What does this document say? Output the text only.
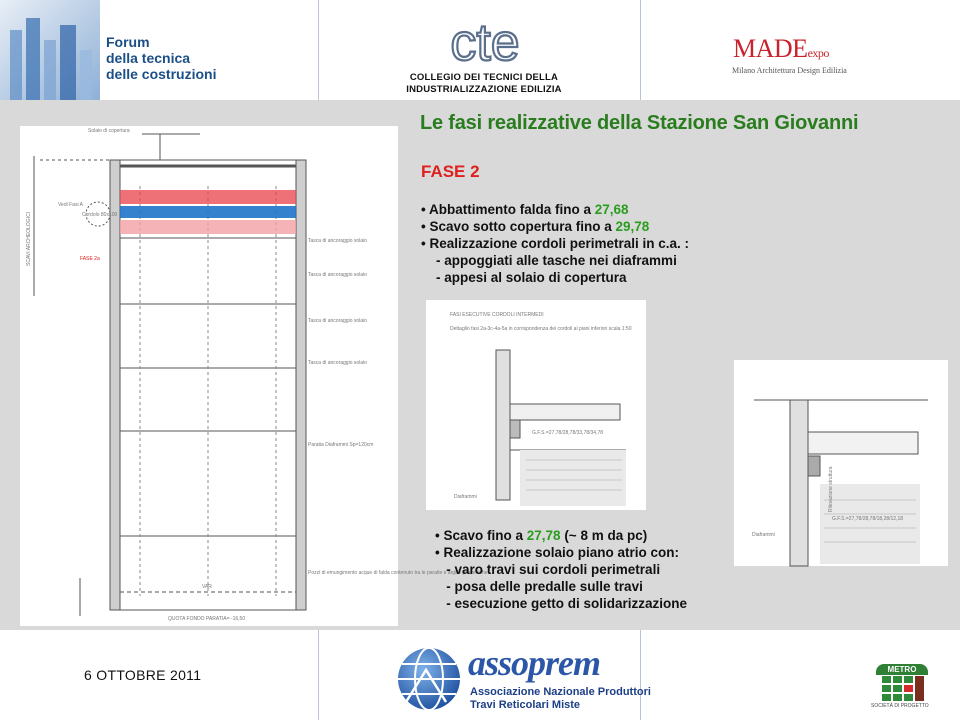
Forum
della tecnica
delle costruzioni
cte
COLLEGIO DEI TECNICI DELLA
INDUSTRIALIZZAZIONE EDILIZIA
MADEexpo
Milano Architettura Design Edilizia
Solaio di copertura
FASE 2a
Cordolo 80x100
Vedi Fasi A
Tasca di ancoraggio solaio
Tasca di ancoraggio solaio
Tasca di ancoraggio solaio
Tasca di ancoraggio solaio
Paratia Diaframmi Sp=120cm
Pozzi di emungimento acque di falda contenuto tra le paratie e argille plioceniche
VAR
QUOTA FONDO PARATIA= -16,50
SCAVI ARCHEOLOGICI
FASI ESECUTIVE CORDOLI INTERMEDI
Dettaglio fasi 2a-3c-4a-5a in corrispondenza dei cordoli ai piani inferiori scala 1:50
G.F.S.=27,78/28,78/33,78/34,78
Diaframmi
G.F.S.=27,78/28,78/18,28/12,18
Diaframmi
Rilevazione struttura
Le fasi realizzative della Stazione San Giovanni
FASE 2
• Abbattimento falda fino a 27,68
• Scavo sotto copertura fino a 29,78
• Realizzazione cordoli perimetrali in c.a. :
- appoggiati alle tasche nei diaframmi
- appesi al solaio di copertura
• Scavo fino a 27,78 (~ 8 m da pc)
• Realizzazione solaio piano atrio con:
- varo travi sui cordoli perimetrali
- posa delle predalle sulle travi
- esecuzione getto di solidarizzazione
6 OTTOBRE 2011	assoprem
Associazione Nazionale Produttori
Travi Reticolari Miste
METRO
SOCIETÀ DI PROGETTO
